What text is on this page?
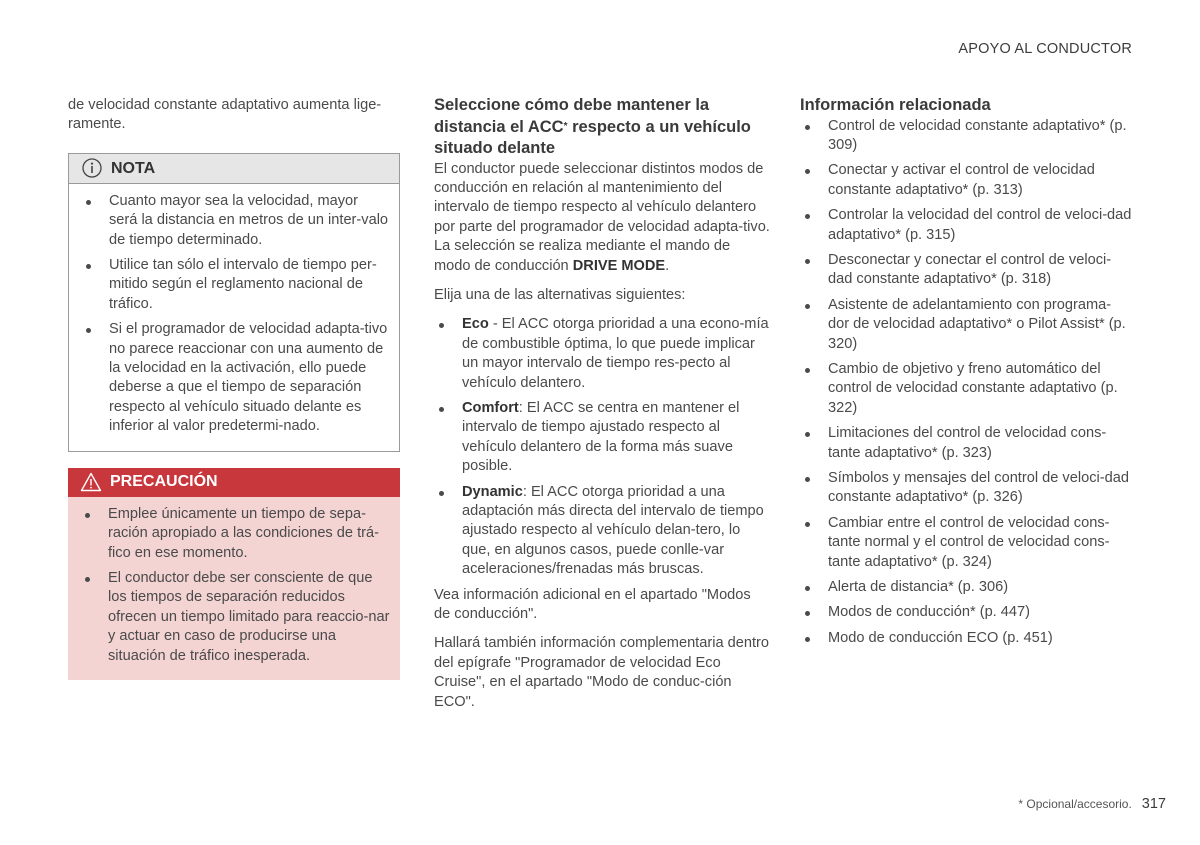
APOYO AL CONDUCTOR

de velocidad constante adaptativo aumenta lige-ramente.

NOTA
Cuanto mayor sea la velocidad, mayor será la distancia en metros de un inter-valo de tiempo determinado.
Utilice tan sólo el intervalo de tiempo per-mitido según el reglamento nacional de tráfico.
Si el programador de velocidad adapta-tivo no parece reaccionar con una aumento de la velocidad en la activación, ello puede deberse a que el tiempo de separación respecto al vehículo situado delante es inferior al valor predetermi-nado.
PRECAUCIÓN
Emplee únicamente un tiempo de sepa-ración apropiado a las condiciones de trá-fico en ese momento.
El conductor debe ser consciente de que los tiempos de separación reducidos ofrecen un tiempo limitado para reaccio-nar y actuar en caso de producirse una situación de tráfico inesperada.
Seleccione cómo debe mantener la distancia el ACC* respecto a un vehículo situado delante

El conductor puede seleccionar distintos modos de conducción en relación al mantenimiento del intervalo de tiempo respecto al vehículo delantero por parte del programador de velocidad adapta-tivo. La selección se realiza mediante el mando de modo de conducción DRIVE MODE.

Elija una de las alternativas siguientes:

Eco - El ACC otorga prioridad a una econo-mía de combustible óptima, lo que puede implicar un mayor intervalo de tiempo res-pecto al vehículo delantero.
Comfort: El ACC se centra en mantener el intervalo de tiempo ajustado respecto al vehículo delantero de la forma más suave posible.
Dynamic: El ACC otorga prioridad a una adaptación más directa del intervalo de tiempo ajustado respecto al vehículo delan-tero, lo que, en algunos casos, puede conlle-var aceleraciones/frenadas más bruscas.

Vea información adicional en el apartado "Modos de conducción".

Hallará también información complementaria dentro del epígrafe "Programador de velocidad Eco Cruise", en el apartado "Modo de conduc-ción ECO".

Información relacionada
Control de velocidad constante adaptativo* (p. 309)
Conectar y activar el control de velocidad constante adaptativo* (p. 313)
Controlar la velocidad del control de veloci-dad adaptativo* (p. 315)
Desconectar y conectar el control de veloci-dad constante adaptativo* (p. 318)
Asistente de adelantamiento con programa-dor de velocidad adaptativo* o Pilot Assist* (p. 320)
Cambio de objetivo y freno automático del control de velocidad constante adaptativo (p. 322)
Limitaciones del control de velocidad cons-tante adaptativo* (p. 323)
Símbolos y mensajes del control de veloci-dad constante adaptativo* (p. 326)
Cambiar entre el control de velocidad cons-tante normal y el control de velocidad cons-tante adaptativo* (p. 324)
Alerta de distancia* (p. 306)
Modos de conducción* (p. 447)
Modo de conducción ECO (p. 451)
* Opcional/accesorio. 317
